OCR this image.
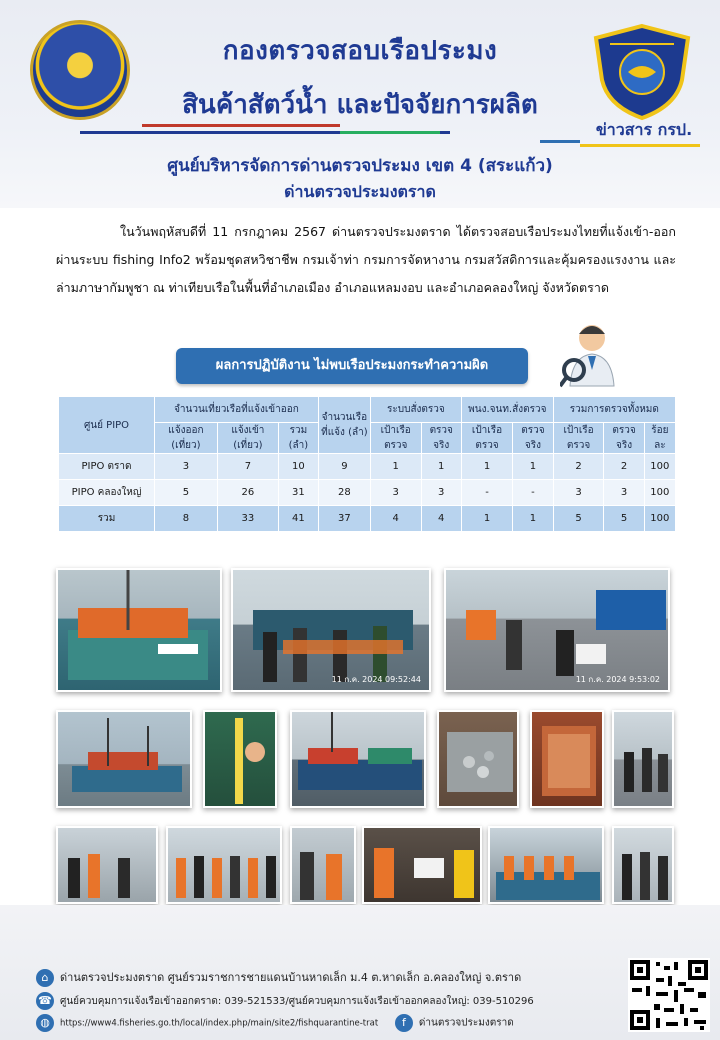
กองตรวจสอบเรือประมง
สินค้าสัตว์น้ำ และปัจจัยการผลิต
ข่าวสาร กรป.
ศูนย์บริหารจัดการด่านตรวจประมง เขต 4 (สระแก้ว)
ด่านตรวจประมงตราด

ในวันพฤหัสบดีที่ 11 กรกฎาคม 2567 ด่านตรวจประมงตราด ได้ตรวจสอบเรือประมงไทยที่แจ้งเข้า-ออก ผ่านระบบ fishing Info2 พร้อมชุดสหวิชาชีพ กรมเจ้าท่า กรมการจัดหางาน กรมสวัสดิการและคุ้มครองแรงงาน และล่ามภาษากัมพูชา ณ ท่าเทียบเรือในพื้นที่อำเภอเมือง อำเภอแหลมงอบ และอำเภอคลองใหญ่ จังหวัดตราด

ผลการปฏิบัติงาน ไม่พบเรือประมงกระทำความผิด
ศูนย์ PIPO	จำนวนเที่ยวเรือที่แจ้งเข้าออก			จำนวนเรือที่แจ้ง (ลำ)	ระบบสั่งตรวจ		พนง.จนท.สั่งตรวจ		รวมการตรวจทั้งหมด		
	แจ้งออก (เที่ยว)	แจ้งเข้า (เที่ยว)	รวม (ลำ)		เป้าเรือตรวจ	ตรวจจริง	เป้าเรือตรวจ	ตรวจจริง	เป้าเรือตรวจ	ตรวจจริง	ร้อยละ
PIPO ตราด	3	7	10	9	1	1	1	1	2	2	100
PIPO คลองใหญ่	5	26	31	28	3	3	-	-	3	3	100
รวม	8	33	41	37	4	4	1	1	5	5	100
11 ก.ค. 2024 09:52:44	11 ก.ค. 2024 9:53:02
⌂ ด่านตรวจประมงตราด ศูนย์รวมราชการชายแดนบ้านหาดเล็ก ม.4 ต.หาดเล็ก อ.คลองใหญ่ จ.ตราด
☎ ศูนย์ควบคุมการแจ้งเรือเข้าออกตราด: 039-521533/ศูนย์ควบคุมการแจ้งเรือเข้าออกคลองใหญ่: 039-510296
◍ https://www4.fisheries.go.th/local/index.php/main/site2/fishquarantine-trat f ด่านตรวจประมงตราด
